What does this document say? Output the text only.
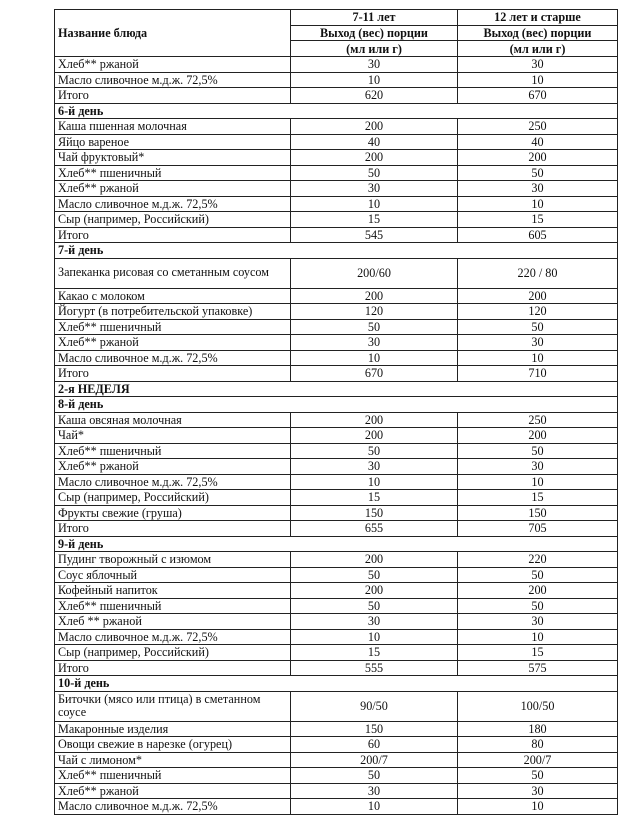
Название блюда	7-11 лет	12 лет и старше
	Выход (вес) порции	Выход (вес) порции
	(мл или г)	(мл или г)
Хлеб** ржаной	30	30
Масло сливочное м.д.ж. 72,5%	10	10
Итого	620	670
6-й день		
Каша пшенная молочная	200	250
Яйцо вареное	40	40
Чай фруктовый*	200	200
Хлеб** пшеничный	50	50
Хлеб** ржаной	30	30
Масло сливочное м.д.ж. 72,5%	10	10
Сыр (например, Российский)	15	15
Итого	545	605
7-й день		
Запеканка рисовая со сметанным соусом	200/60	220 / 80
Какао с молоком	200	200
Йогурт (в потребительской упаковке)	120	120
Хлеб** пшеничный	50	50
Хлеб** ржаной	30	30
Масло сливочное м.д.ж. 72,5%	10	10
Итого	670	710
2-я НЕДЕЛЯ		
8-й день		
Каша овсяная молочная	200	250
Чай*	200	200
Хлеб** пшеничный	50	50
Хлеб** ржаной	30	30
Масло сливочное м.д.ж. 72,5%	10	10
Сыр (например, Российский)	15	15
Фрукты свежие (груша)	150	150
Итого	655	705
9-й день		
Пудинг творожный с изюмом	200	220
Соус яблочный	50	50
Кофейный напиток	200	200
Хлеб** пшеничный	50	50
Хлеб ** ржаной	30	30
Масло сливочное м.д.ж. 72,5%	10	10
Сыр (например, Российский)	15	15
Итого	555	575
10-й день		
Биточки (мясо или птица) в сметанном соусе	90/50	100/50
Макаронные изделия	150	180
Овощи свежие в нарезке (огурец)	60	80
Чай с лимоном*	200/7	200/7
Хлеб** пшеничный	50	50
Хлеб** ржаной	30	30
Масло сливочное м.д.ж. 72,5%	10	10
